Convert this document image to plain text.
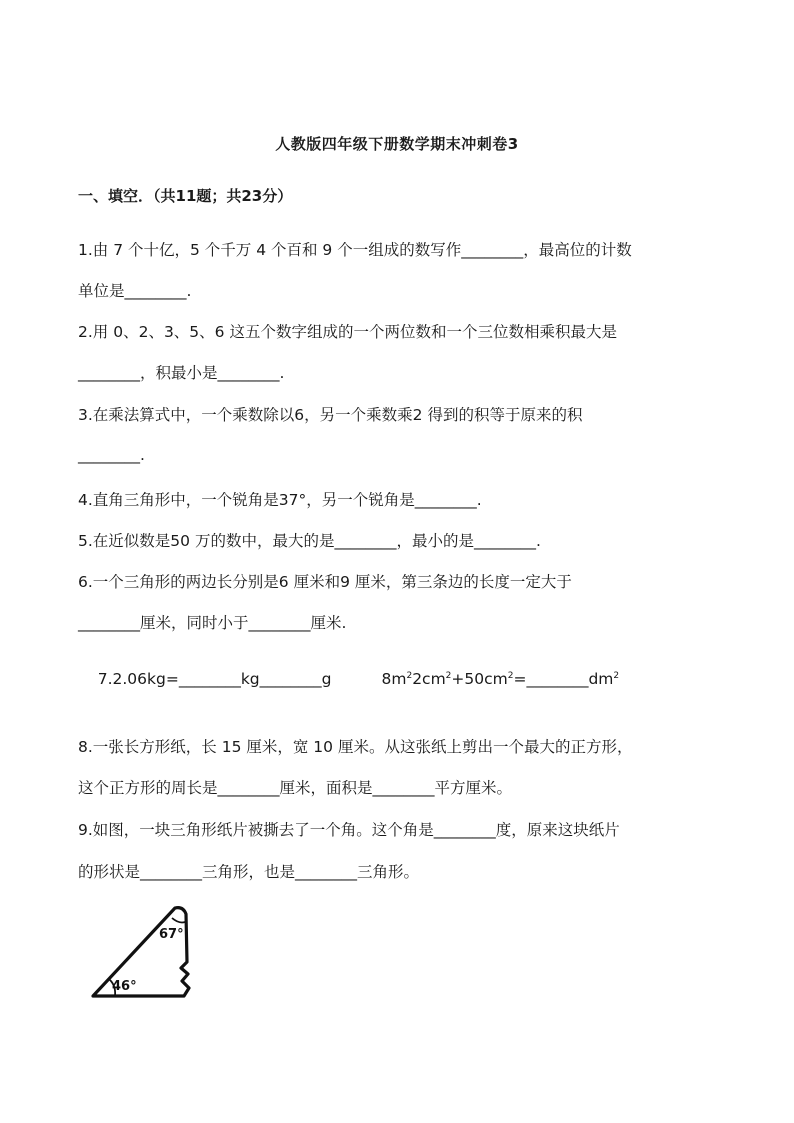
人教版四年级下册数学期末冲刺卷3
一、填空．（共11题；共23分）
1.由 7 个十亿，5 个千万 4 个百和 9 个一组成的数写作________，最高位的计数
单位是________.
2.用 0、2、3、5、6 这五个数字组成的一个两位数和一个三位数相乘积最大是
________，积最小是________.
3.在乘法算式中，一个乘数除以6，另一个乘数乘2 得到的积等于原来的积
________.
4.直角三角形中，一个锐角是37°，另一个锐角是________.
5.在近似数是50 万的数中，最大的是________，最小的是________.
6.一个三角形的两边长分别是6 厘米和9 厘米，第三条边的长度一定大于
________厘米，同时小于________厘米.

7.2.06kg=________kg________g	$8m^22cm^2+50cm^2=\_\_\_\_\_\_\_\_dm^2$

8.一张长方形纸，长 15 厘米，宽 10 厘米。从这张纸上剪出一个最大的正方形，
这个正方形的周长是________厘米，面积是________平方厘米。
9.如图，一块三角形纸片被撕去了一个角。这个角是________度，原来这块纸片
的形状是________三角形，也是________三角形。
67°
46°
